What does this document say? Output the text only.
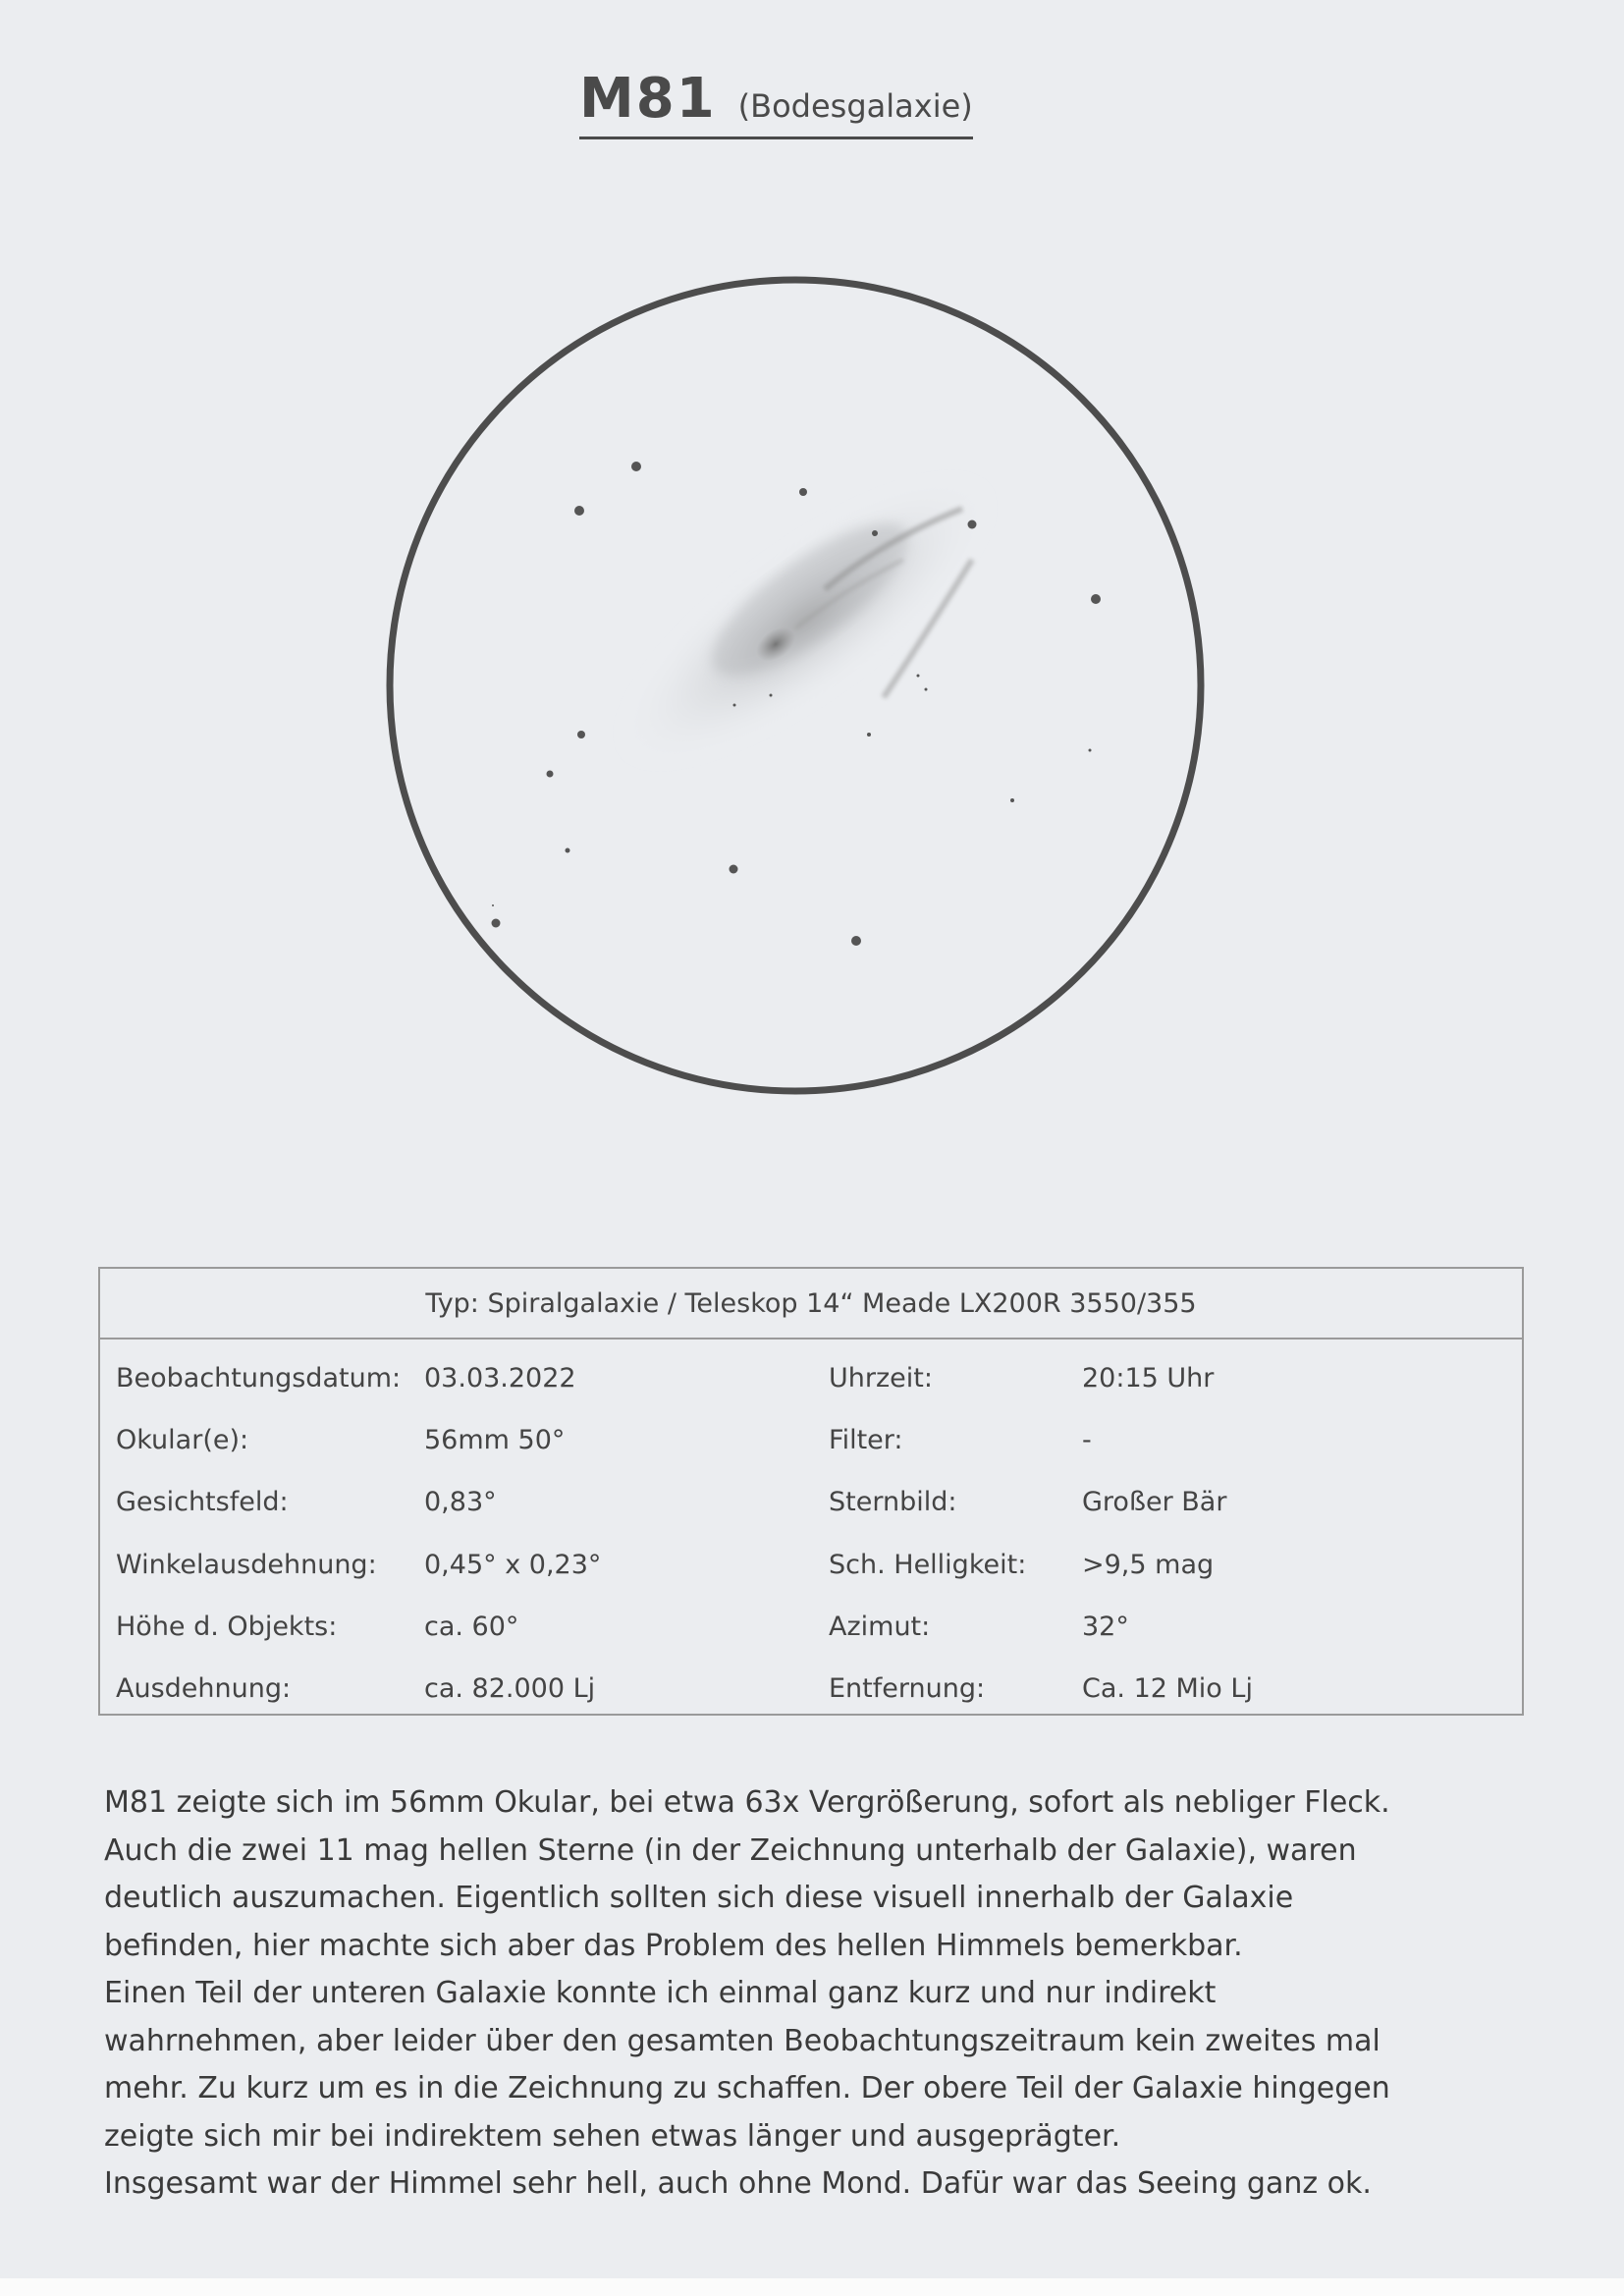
M81 (Bodesgalaxie)
Typ: Spiralgalaxie / Teleskop 14“ Meade LX200R 3550/355
Beobachtungsdatum: 03.03.2022	Uhrzeit:	20:15 Uhr
Okular(e):	56mm 50°	Filter:	-
Gesichtsfeld:	0,83°	Sternbild:	Großer Bär
Winkelausdehnung: 0,45° x 0,23°	Sch. Helligkeit: >9,5 mag
Höhe d. Objekts:	ca. 60°	Azimut:	32°
Ausdehnung:	ca. 82.000 Lj	Entfernung:	Ca. 12 Mio Lj

M81 zeigte sich im 56mm Okular, bei etwa 63x Vergrößerung, sofort als nebliger Fleck.

Auch die zwei 11 mag hellen Sterne (in der Zeichnung unterhalb der Galaxie), waren

deutlich auszumachen. Eigentlich sollten sich diese visuell innerhalb der Galaxie

befinden, hier machte sich aber das Problem des hellen Himmels bemerkbar.

Einen Teil der unteren Galaxie konnte ich einmal ganz kurz und nur indirekt

wahrnehmen, aber leider über den gesamten Beobachtungszeitraum kein zweites mal

mehr. Zu kurz um es in die Zeichnung zu schaffen. Der obere Teil der Galaxie hingegen

zeigte sich mir bei indirektem sehen etwas länger und ausgeprägter.

Insgesamt war der Himmel sehr hell, auch ohne Mond. Dafür war das Seeing ganz ok.
